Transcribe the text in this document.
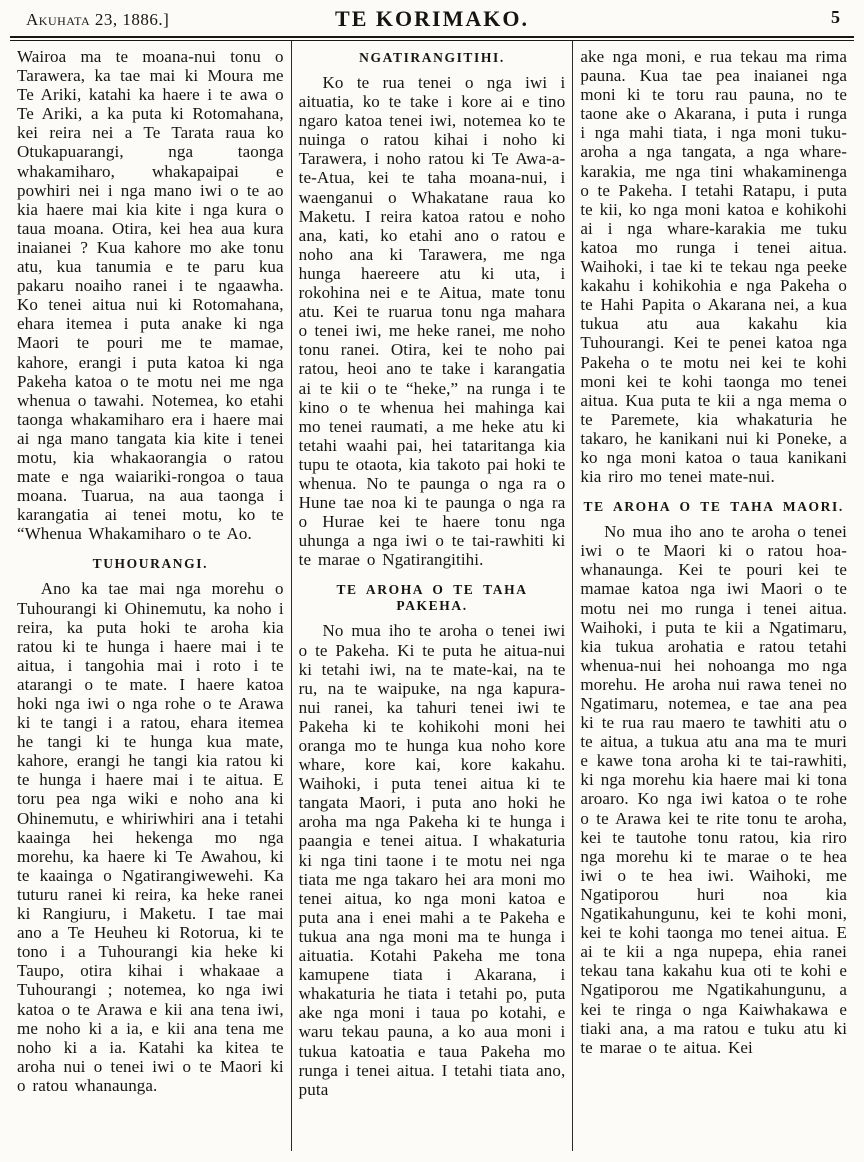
Akuhata 23, 1886.]	TE KORIMAKO.	5

Wairoa ma te moana-nui tonu o Tarawera, ka tae mai ki Moura me Te Ariki, katahi ka haere i te awa o Te Ariki, a ka puta ki Rotomahana, kei reira nei a Te Tarata raua ko Otukapuarangi, nga taonga whakamiharo, whakapaipai e powhiri nei i nga mano iwi o te ao kia haere mai kia kite i nga kura o taua moana. Otira, kei hea aua kura inaianei ? Kua kahore mo ake tonu atu, kua tanumia e te paru kua pakaru noaiho ranei i te ngaawha. Ko tenei aitua nui ki Rotomahana, ehara itemea i puta anake ki nga Maori te pouri me te mamae, kahore, erangi i puta katoa ki nga Pakeha katoa o te motu nei me nga whenua o tawahi. Notemea, ko etahi taonga whakamiharo era i haere mai ai nga mano tangata kia kite i tenei motu, kia whakaorangia o ratou mate e nga waiariki-rongoa o taua moana. Tuarua, na aua taonga i karangatia ai tenei motu, ko te “Whenua Whakamiharo o te Ao.

TUHOURANGI.

Ano ka tae mai nga morehu o Tuhourangi ki Ohinemutu, ka noho i reira, ka puta hoki te aroha kia ratou ki te hunga i haere mai i te aitua, i tangohia mai i roto i te atarangi o te mate. I haere katoa hoki nga iwi o nga rohe o te Arawa ki te tangi i a ratou, ehara itemea he tangi ki te hunga kua mate, kahore, erangi he tangi kia ratou ki te hunga i haere mai i te aitua. E toru pea nga wiki e noho ana ki Ohinemutu, e whiriwhiri ana i tetahi kaainga hei hekenga mo nga morehu, ka haere ki Te Awahou, ki te kaainga o Ngatirangiwewehi. Ka tuturu ranei ki reira, ka heke ranei ki Rangiuru, i Maketu. I tae mai ano a Te Heuheu ki Rotorua, ki te tono i a Tuhourangi kia heke ki Taupo, otira kihai i whakaae a Tuhourangi ; notemea, ko nga iwi katoa o te Arawa e kii ana tena iwi, me noho ki a ia, e kii ana tena me noho ki a ia. Katahi ka kitea te aroha nui o tenei iwi o te Maori ki o ratou whanaunga.

NGATIRANGITIHI.

Ko te rua tenei o nga iwi i aituatia, ko te take i kore ai e tino ngaro katoa tenei iwi, notemea ko te nuinga o ratou kihai i noho ki Tarawera, i noho ratou ki Te Awa-a-te-Atua, kei te taha moana-nui, i waenganui o Whakatane raua ko Maketu. I reira katoa ratou e noho ana, kati, ko etahi ano o ratou e noho ana ki Tarawera, me nga hunga haereere atu ki uta, i rokohina nei e te Aitua, mate tonu atu. Kei te ruarua tonu nga mahara o tenei iwi, me heke ranei, me noho tonu ranei. Otira, kei te noho pai ratou, heoi ano te take i karangatia ai te kii o te “heke,” na runga i te kino o te whenua hei mahinga kai mo tenei raumati, a me heke atu ki tetahi waahi pai, hei tataritanga kia tupu te otaota, kia takoto pai hoki te whenua. No te paunga o nga ra o Hune tae noa ki te paunga o nga ra o Hurae kei te haere tonu nga uhunga a nga iwi o te tai-rawhiti ki te marae o Ngatirangitihi.

TE AROHA O TE TAHA PAKEHA.

No mua iho te aroha o tenei iwi o te Pakeha. Ki te puta he aitua-nui ki tetahi iwi, na te mate-kai, na te ru, na te waipuke, na nga kapura-nui ranei, ka tahuri tenei iwi te Pakeha ki te kohikohi moni hei oranga mo te hunga kua noho kore whare, kore kai, kore kakahu. Waihoki, i puta tenei aitua ki te tangata Maori, i puta ano hoki he aroha ma nga Pakeha ki te hunga i paangia e tenei aitua. I whakaturia ki nga tini taone i te motu nei nga tiata me nga takaro hei ara moni mo tenei aitua, ko nga moni katoa e puta ana i enei mahi a te Pakeha e tukua ana nga moni ma te hunga i aituatia. Kotahi Pakeha me tona kamupene tiata i Akarana, i whakaturia he tiata i tetahi po, puta ake nga moni i taua po kotahi, e waru tekau pauna, a ko aua moni i tukua katoatia e taua Pakeha mo runga i tenei aitua. I tetahi tiata ano, puta

ake nga moni, e rua tekau ma rima pauna. Kua tae pea inaianei nga moni ki te toru rau pauna, no te taone ake o Akarana, i puta i runga i nga mahi tiata, i nga moni tuku-aroha a nga tangata, a nga whare-karakia, me nga tini whakaminenga o te Pakeha. I tetahi Ratapu, i puta te kii, ko nga moni katoa e kohikohi ai i nga whare-karakia me tuku katoa mo runga i tenei aitua. Waihoki, i tae ki te tekau nga peeke kakahu i kohikohia e nga Pakeha o te Hahi Papita o Akarana nei, a kua tukua atu aua kakahu kia Tuhourangi. Kei te penei katoa nga Pakeha o te motu nei kei te kohi moni kei te kohi taonga mo tenei aitua. Kua puta te kii a nga mema o te Paremete, kia whakaturia he takaro, he kanikani nui ki Poneke, a ko nga moni katoa o taua kanikani kia riro mo tenei mate-nui.

TE AROHA O TE TAHA MAORI.

No mua iho ano te aroha o tenei iwi o te Maori ki o ratou hoa-whanaunga. Kei te pouri kei te mamae katoa nga iwi Maori o te motu nei mo runga i tenei aitua. Waihoki, i puta te kii a Ngatimaru, kia tukua arohatia e ratou tetahi whenua-nui hei nohoanga mo nga morehu. He aroha nui rawa tenei no Ngatimaru, notemea, e tae ana pea ki te rua rau maero te tawhiti atu o te aitua, a tukua atu ana ma te muri e kawe tona aroha ki te tai-rawhiti, ki nga morehu kia haere mai ki tona aroaro. Ko nga iwi katoa o te rohe o te Arawa kei te rite tonu te aroha, kei te tautohe tonu ratou, kia riro nga morehu ki te marae o te hea iwi o te hea iwi. Waihoki, me Ngatiporou huri noa kia Ngatikahungunu, kei te kohi moni, kei te kohi taonga mo tenei aitua. E ai te kii a nga nupepa, ehia ranei tekau tana kakahu kua oti te kohi e Ngatiporou me Ngatikahungunu, a kei te ringa o nga Kaiwhakawa e tiaki ana, a ma ratou e tuku atu ki te marae o te aitua. Kei
